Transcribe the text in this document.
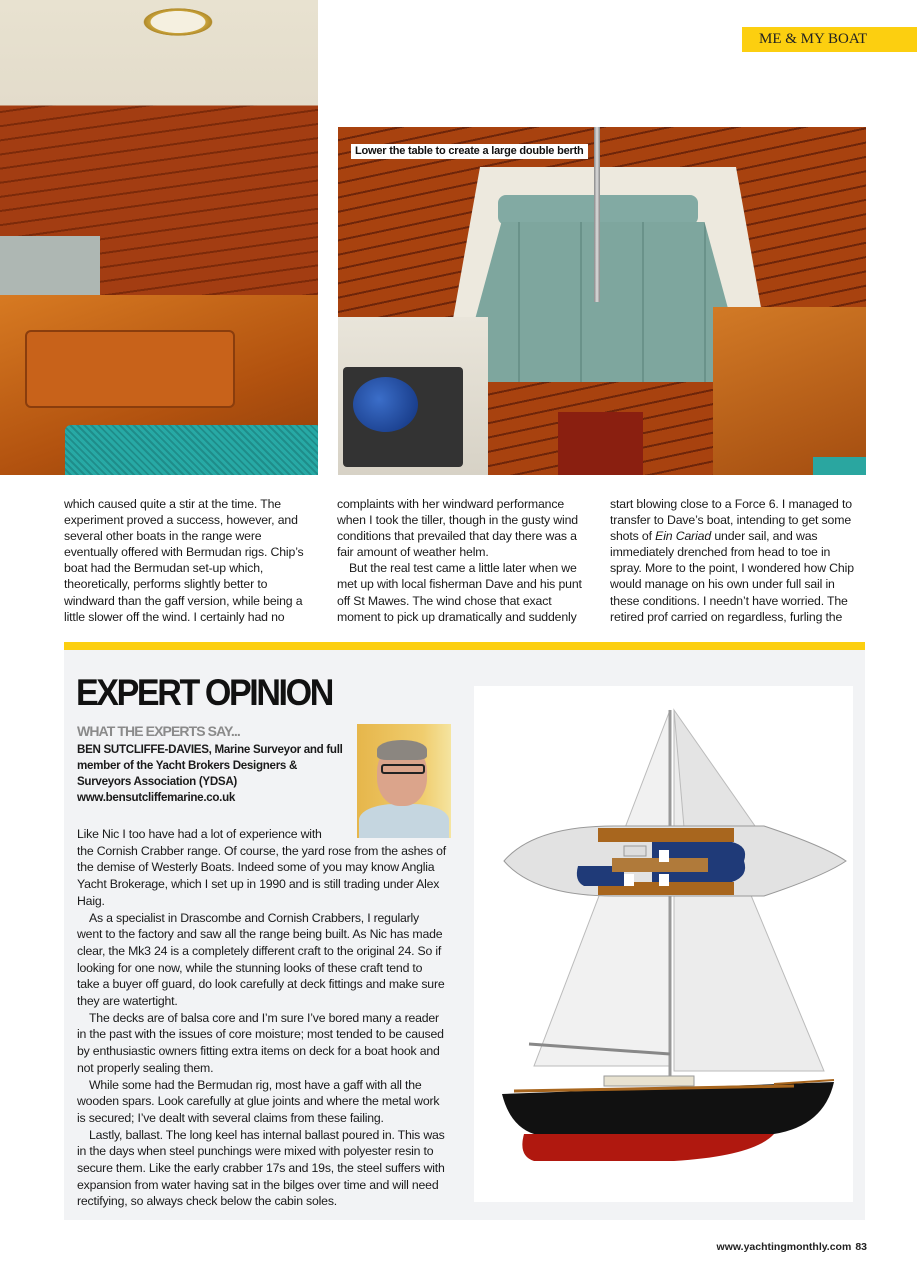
ME & MY BOAT
Lower the table to create a large double berth

which caused quite a stir at the time. The experiment proved a success, however, and several other boats in the range were eventually offered with Bermudan rigs. Chip’s boat had the Bermudan set-up which, theoretically, performs slightly better to windward than the gaff version, while being a little slower off the wind. I certainly had no

complaints with her windward performance when I took the tiller, though in the gusty wind conditions that prevailed that day there was a fair amount of weather helm.

But the real test came a little later when we met up with local fisherman Dave and his punt off St Mawes. The wind chose that exact moment to pick up dramatically and suddenly

start blowing close to a Force 6. I managed to transfer to Dave’s boat, intending to get some shots of Ein Cariad under sail, and was immediately drenched from head to toe in spray. More to the point, I wondered how Chip would manage on his own under full sail in these conditions. I needn’t have worried. The retired prof carried on regardless, furling the

EXPERT OPINION
WHAT THE EXPERTS SAY...
BEN SUTCLIFFE-DAVIES, Marine Surveyor and full member of the Yacht Brokers Designers & Surveyors Association (YDSA)
www.bensutcliffemarine.co.uk

Like Nic I too have had a lot of experience with the Cornish Crabber range. Of course, the yard rose from the ashes of the demise of Westerly Boats. Indeed some of you may know Anglia Yacht Brokerage, which I set up in 1990 and is still trading under Alex Haig.

As a specialist in Drascombe and Cornish Crabbers, I regularly went to the factory and saw all the range being built. As Nic has made clear, the Mk3 24 is a completely different craft to the original 24. So if looking for one now, while the stunning looks of these craft tend to take a buyer off guard, do look carefully at deck fittings and make sure they are watertight.

The decks are of balsa core and I’m sure I’ve bored many a reader in the past with the issues of core moisture; most tended to be caused by enthusiastic owners fitting extra items on deck for a boat hook and not properly sealing them.

While some had the Bermudan rig, most have a gaff with all the wooden spars. Look carefully at glue joints and where the metal work is secured; I’ve dealt with several claims from these failing.

Lastly, ballast. The long keel has internal ballast poured in. This was in the days when steel punchings were mixed with polyester resin to secure them. Like the early crabber 17s and 19s, the steel suffers with expansion from water having sat in the bilges over time and will need rectifying, so always check below the cabin soles.

www.yachtingmonthly.com 83
